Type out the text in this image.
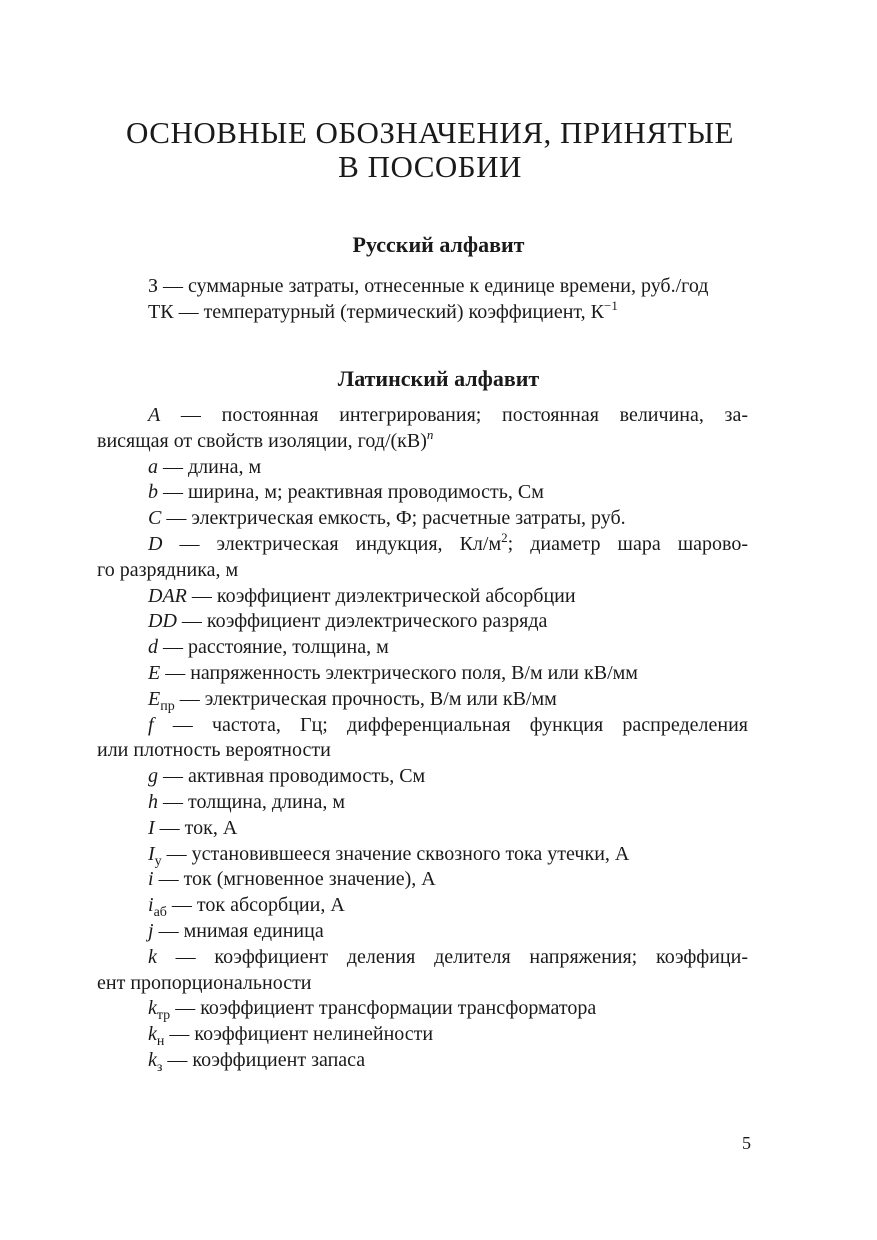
ОСНОВНЫЕ ОБОЗНАЧЕНИЯ, ПРИНЯТЫЕ
В ПОСОБИИ
Русский алфавит
З — суммарные затраты, отнесенные к единице времени, руб./год
ТК — температурный (термический) коэффициент, $К^{-1}$
Латинский алфавит
A — постоянная интегрирования; постоянная величина, за-
висящая от свойств изоляции, год/(кВ)$^n$
a — длина, м
b — ширина, м; реактивная проводимость, См
C — электрическая емкость, Ф; расчетные затраты, руб.
D — электрическая индукция, $Кл/м^2$; диаметр шара шарово-
го разрядника, м
DAR — коэффициент диэлектрической абсорбции
DD — коэффициент диэлектрического разряда
d — расстояние, толщина, м
E — напряженность электрического поля, В/м или кВ/мм
$E_{пр}$ — электрическая прочность, В/м или кВ/мм
f — частота, Гц; дифференциальная функция распределения
или плотность вероятности
g — активная проводимость, См
h — толщина, длина, м
I — ток, А
$I_у$ — установившееся значение сквозного тока утечки, А
i — ток (мгновенное значение), А
$i_{аб}$ — ток абсорбции, А
j — мнимая единица
k — коэффициент деления делителя напряжения; коэффици-
ент пропорциональности
$k_{тр}$ — коэффициент трансформации трансформатора
$k_н$ — коэффициент нелинейности
$k_з$ — коэффициент запаса
5
